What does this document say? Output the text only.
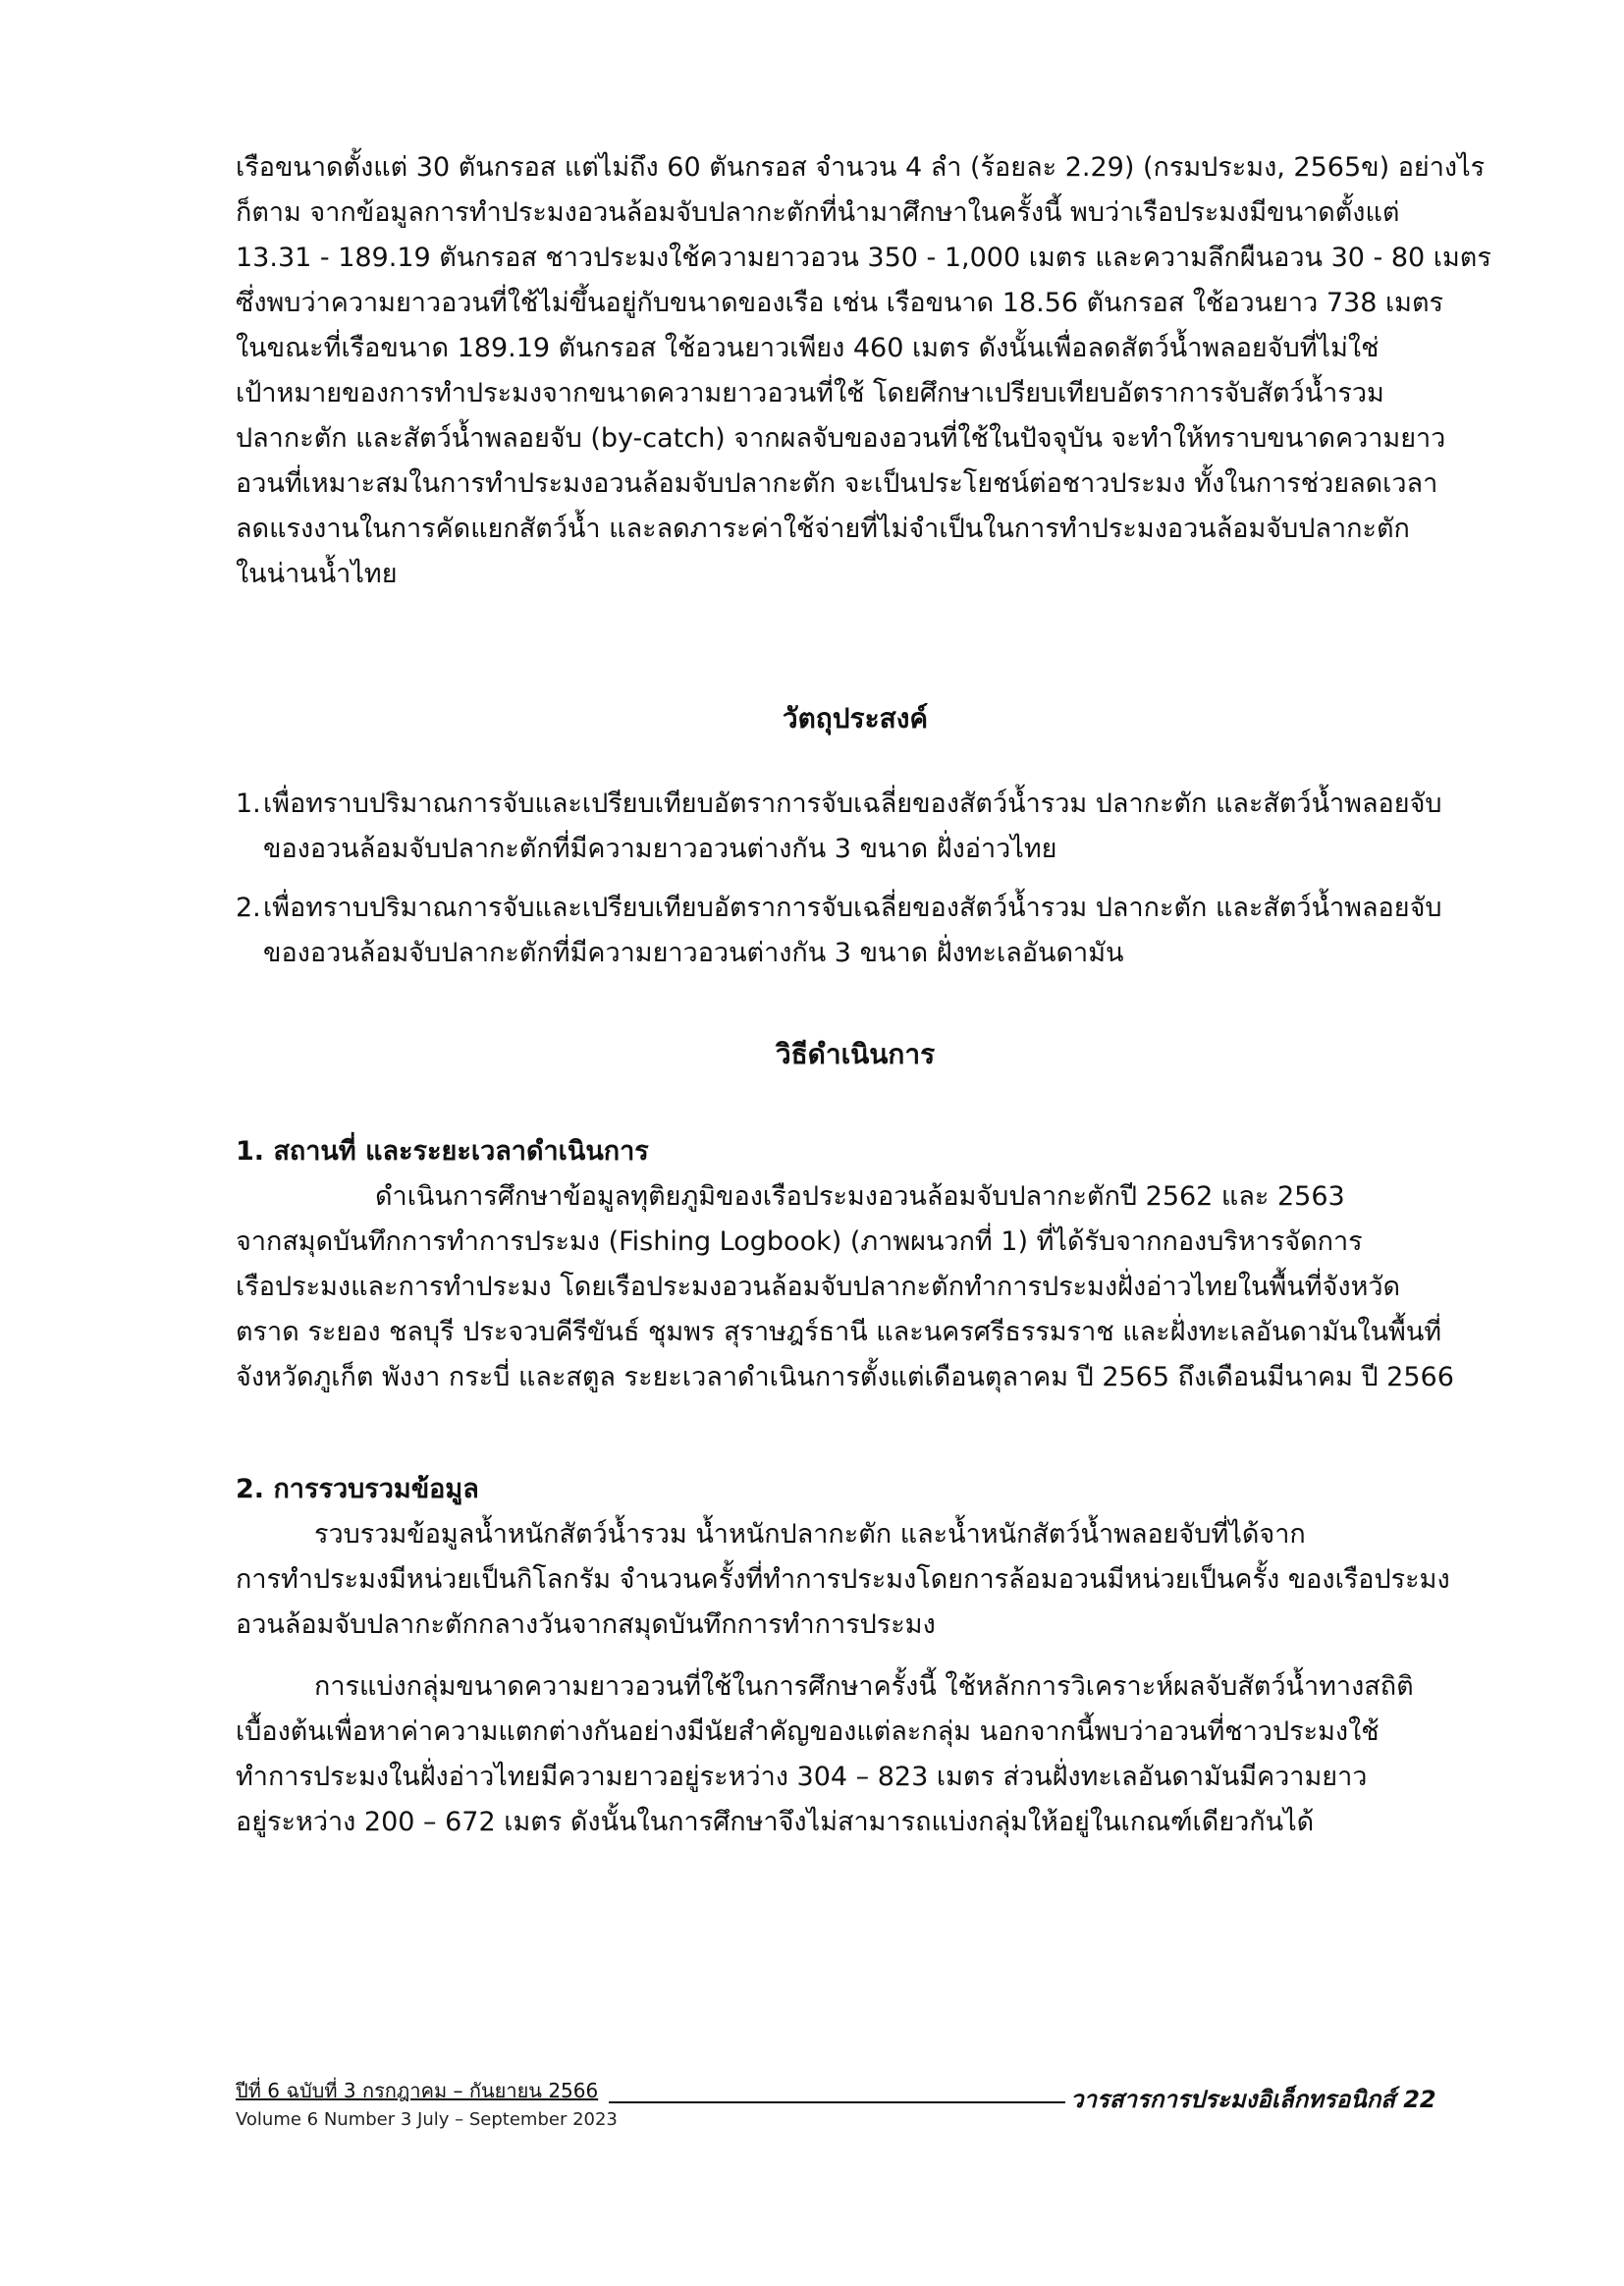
เรือขนาดตั้งแต่ 30 ตันกรอส แต่ไม่ถึง 60 ตันกรอส จำนวน 4 ลำ (ร้อยละ 2.29) (กรมประมง, 2565ข) อย่างไร
ก็ตาม จากข้อมูลการทำประมงอวนล้อมจับปลากะตักที่นำมาศึกษาในครั้งนี้ พบว่าเรือประมงมีขนาดตั้งแต่
13.31 - 189.19 ตันกรอส ชาวประมงใช้ความยาวอวน 350 - 1,000 เมตร และความลึกผืนอวน 30 - 80 เมตร
ซึ่งพบว่าความยาวอวนที่ใช้ไม่ขึ้นอยู่กับขนาดของเรือ เช่น เรือขนาด 18.56 ตันกรอส ใช้อวนยาว 738 เมตร
ในขณะที่เรือขนาด 189.19 ตันกรอส ใช้อวนยาวเพียง 460 เมตร ดังนั้นเพื่อลดสัตว์น้ำพลอยจับที่ไม่ใช่
เป้าหมายของการทำประมงจากขนาดความยาวอวนที่ใช้ โดยศึกษาเปรียบเทียบอัตราการจับสัตว์น้ำรวม
ปลากะตัก และสัตว์น้ำพลอยจับ (by-catch) จากผลจับของอวนที่ใช้ในปัจจุบัน จะทำให้ทราบขนาดความยาว
อวนที่เหมาะสมในการทำประมงอวนล้อมจับปลากะตัก จะเป็นประโยชน์ต่อชาวประมง ทั้งในการช่วยลดเวลา
ลดแรงงานในการคัดแยกสัตว์น้ำ และลดภาระค่าใช้จ่ายที่ไม่จำเป็นในการทำประมงอวนล้อมจับปลากะตัก
ในน่านน้ำไทย
วัตถุประสงค์
1. เพื่อทราบปริมาณการจับและเปรียบเทียบอัตราการจับเฉลี่ยของสัตว์น้ำรวม ปลากะตัก และสัตว์น้ำพลอยจับ
ของอวนล้อมจับปลากะตักที่มีความยาวอวนต่างกัน 3 ขนาด ฝั่งอ่าวไทย
2. เพื่อทราบปริมาณการจับและเปรียบเทียบอัตราการจับเฉลี่ยของสัตว์น้ำรวม ปลากะตัก และสัตว์น้ำพลอยจับ
ของอวนล้อมจับปลากะตักที่มีความยาวอวนต่างกัน 3 ขนาด ฝั่งทะเลอันดามัน
วิธีดำเนินการ
1. สถานที่ และระยะเวลาดำเนินการ
ดำเนินการศึกษาข้อมูลทุติยภูมิของเรือประมงอวนล้อมจับปลากะตักปี 2562 และ 2563
จากสมุดบันทึกการทำการประมง (Fishing Logbook) (ภาพผนวกที่ 1) ที่ได้รับจากกองบริหารจัดการ
เรือประมงและการทำประมง โดยเรือประมงอวนล้อมจับปลากะตักทำการประมงฝั่งอ่าวไทยในพื้นที่จังหวัด
ตราด ระยอง ชลบุรี ประจวบคีรีขันธ์ ชุมพร สุราษฎร์ธานี และนครศรีธรรมราช และฝั่งทะเลอันดามันในพื้นที่
จังหวัดภูเก็ต พังงา กระบี่ และสตูล ระยะเวลาดำเนินการตั้งแต่เดือนตุลาคม ปี 2565 ถึงเดือนมีนาคม ปี 2566
2. การรวบรวมข้อมูล
รวบรวมข้อมูลน้ำหนักสัตว์น้ำรวม น้ำหนักปลากะตัก และน้ำหนักสัตว์น้ำพลอยจับที่ได้จาก
การทำประมงมีหน่วยเป็นกิโลกรัม จำนวนครั้งที่ทำการประมงโดยการล้อมอวนมีหน่วยเป็นครั้ง ของเรือประมง
อวนล้อมจับปลากะตักกลางวันจากสมุดบันทึกการทำการประมง
การแบ่งกลุ่มขนาดความยาวอวนที่ใช้ในการศึกษาครั้งนี้ ใช้หลักการวิเคราะห์ผลจับสัตว์น้ำทางสถิติ
เบื้องต้นเพื่อหาค่าความแตกต่างกันอย่างมีนัยสำคัญของแต่ละกลุ่ม นอกจากนี้พบว่าอวนที่ชาวประมงใช้
ทำการประมงในฝั่งอ่าวไทยมีความยาวอยู่ระหว่าง 304 – 823 เมตร ส่วนฝั่งทะเลอันดามันมีความยาว
อยู่ระหว่าง 200 – 672 เมตร ดังนั้นในการศึกษาจึงไม่สามารถแบ่งกลุ่มให้อยู่ในเกณฑ์เดียวกันได้
ปีที่ 6 ฉบับที่ 3 กรกฎาคม – กันยายน 2566
Volume 6 Number 3 July – September 2023
วารสารการประมงอิเล็กทรอนิกส์ 22
